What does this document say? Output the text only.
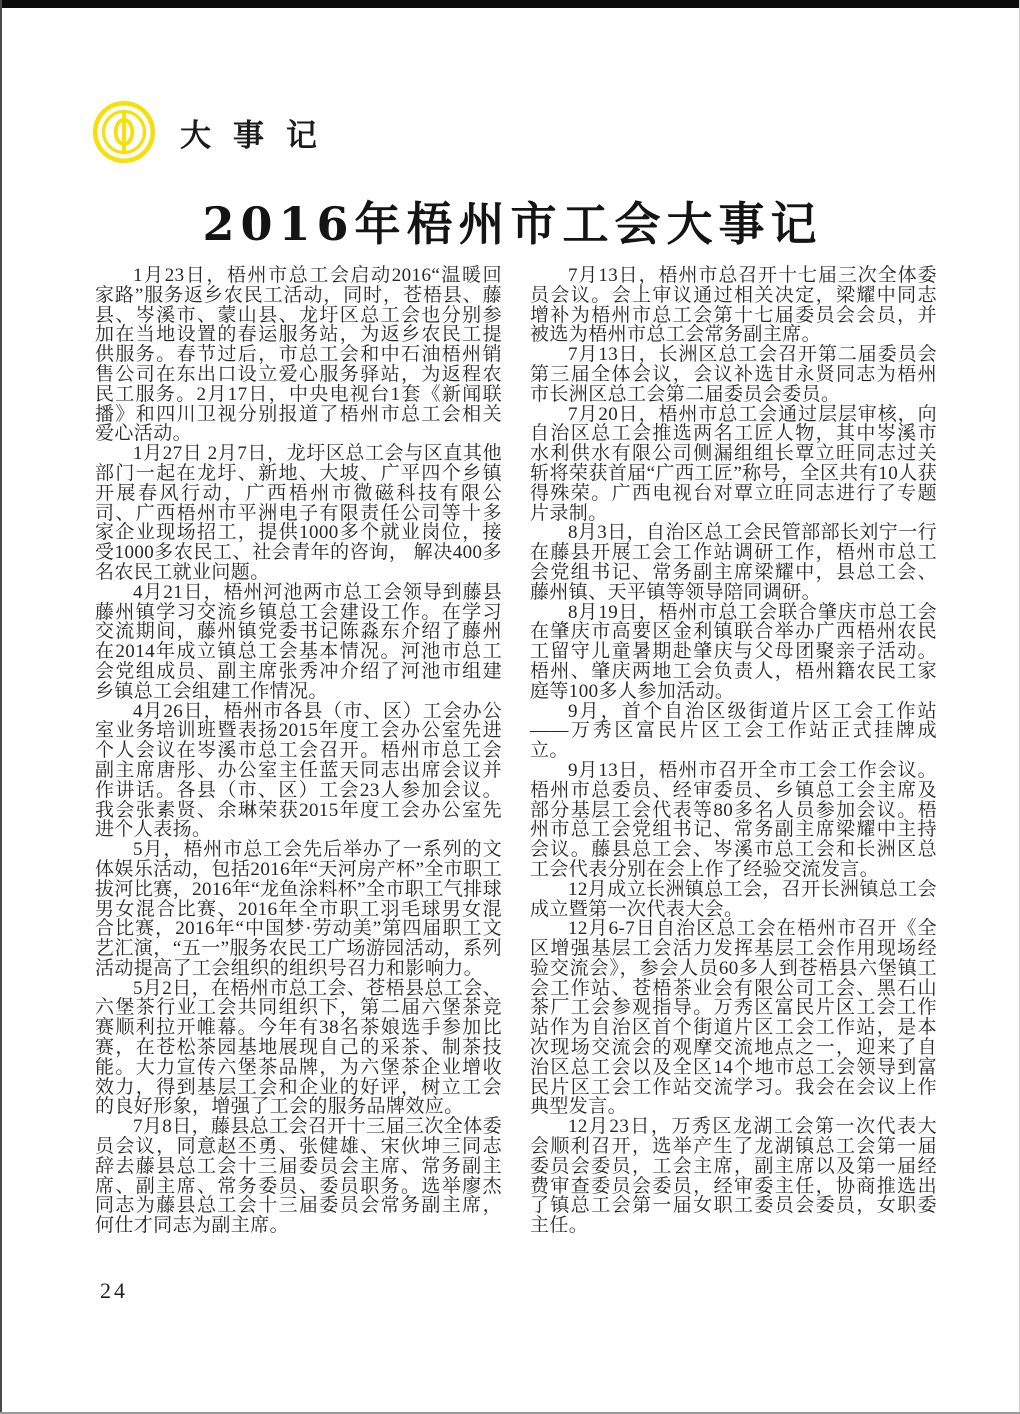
大事记
2016年梧州市工会大事记

1月23日，梧州市总工会启动2016“温暖回家路”服务返乡农民工活动，同时，苍梧县、藤县、岑溪市、蒙山县、龙圩区总工会也分别参加在当地设置的春运服务站，为返乡农民工提供服务。春节过后，市总工会和中石油梧州销售公司在东出口设立爱心服务驿站，为返程农民工服务。2月17日，中央电视台1套《新闻联播》和四川卫视分别报道了梧州市总工会相关爱心活动。

1月27日 2月7日，龙圩区总工会与区直其他部门一起在龙圩、新地、大坡、广平四个乡镇开展春风行动，广西梧州市微磁科技有限公司、广西梧州市平洲电子有限责任公司等十多家企业现场招工，提供1000多个就业岗位，接受1000多农民工、社会青年的咨询， 解决400多名农民工就业问题。

4月21日，梧州河池两市总工会领导到藤县藤州镇学习交流乡镇总工会建设工作。在学习交流期间，藤州镇党委书记陈淼东介绍了藤州在2014年成立镇总工会基本情况。河池市总工会党组成员、副主席张秀冲介绍了河池市组建乡镇总工会组建工作情况。

4月26日，梧州市各县（市、区）工会办公室业务培训班暨表扬2015年度工会办公室先进个人会议在岑溪市总工会召开。梧州市总工会副主席唐彤、办公室主任蓝天同志出席会议并作讲话。各县（市、区）工会23人参加会议。我会张素贤、余琳荣获2015年度工会办公室先进个人表扬。

5月，梧州市总工会先后举办了一系列的文体娱乐活动，包括2016年“天河房产杯”全市职工拔河比赛，2016年“龙鱼涂料杯”全市职工气排球男女混合比赛、2016年全市职工羽毛球男女混合比赛，2016年“中国梦·劳动美”第四届职工文艺汇演，“五一”服务农民工广场游园活动，系列活动提高了工会组织的组织号召力和影响力。

5月2日，在梧州市总工会、苍梧县总工会、六堡茶行业工会共同组织下，第二届六堡茶竞赛顺利拉开帷幕。今年有38名茶娘选手参加比赛，在苍松茶园基地展现自己的采茶、制茶技能。大力宣传六堡茶品牌，为六堡茶企业增收效力，得到基层工会和企业的好评，树立工会的良好形象，增强了工会的服务品牌效应。

7月8日，藤县总工会召开十三届三次全体委员会议，同意赵丕勇、张健雄、宋伙坤三同志辞去藤县总工会十三届委员会主席、常务副主席、副主席、常务委员、委员职务。选举廖杰同志为藤县总工会十三届委员会常务副主席，何仕才同志为副主席。

7月13日，梧州市总召开十七届三次全体委员会议。会上审议通过相关决定，梁耀中同志增补为梧州市总工会第十七届委员会会员，并被选为梧州市总工会常务副主席。

7月13日，长洲区总工会召开第二届委员会第三届全体会议，会议补选甘永贤同志为梧州市长洲区总工会第二届委员会委员。

7月20日，梧州市总工会通过层层审核，向自治区总工会推选两名工匠人物，其中岑溪市水利供水有限公司侧漏组组长覃立旺同志过关斩将荣获首届“广西工匠”称号，全区共有10人获得殊荣。广西电视台对覃立旺同志进行了专题片录制。

8月3日，自治区总工会民管部部长刘宁一行在藤县开展工会工作站调研工作，梧州市总工会党组书记、常务副主席梁耀中，县总工会、藤州镇、天平镇等领导陪同调研。

8月19日，梧州市总工会联合肇庆市总工会在肇庆市高要区金利镇联合举办广西梧州农民工留守儿童暑期赴肇庆与父母团聚亲子活动。梧州、肇庆两地工会负责人，梧州籍农民工家庭等100多人参加活动。

9月，首个自治区级街道片区工会工作站——万秀区富民片区工会工作站正式挂牌成立。

9月13日，梧州市召开全市工会工作会议。梧州市总委员、经审委员、乡镇总工会主席及部分基层工会代表等80多名人员参加会议。梧州市总工会党组书记、常务副主席梁耀中主持会议。藤县总工会、岑溪市总工会和长洲区总工会代表分别在会上作了经验交流发言。

12月成立长洲镇总工会，召开长洲镇总工会成立暨第一次代表大会。

12月6-7日自治区总工会在梧州市召开《全区增强基层工会活力发挥基层工会作用现场经验交流会》，参会人员60多人到苍梧县六堡镇工会工作站、苍梧茶业会有限公司工会、黑石山茶厂工会参观指导。万秀区富民片区工会工作站作为自治区首个街道片区工会工作站，是本次现场交流会的观摩交流地点之一，迎来了自治区总工会以及全区14个地市总工会领导到富民片区工会工作站交流学习。我会在会议上作典型发言。

12月23日，万秀区龙湖工会第一次代表大会顺利召开，选举产生了龙湖镇总工会第一届委员会委员，工会主席，副主席以及第一届经费审查委员会委员，经审委主任，协商推选出了镇总工会第一届女职工委员会委员，女职委主任。

24
